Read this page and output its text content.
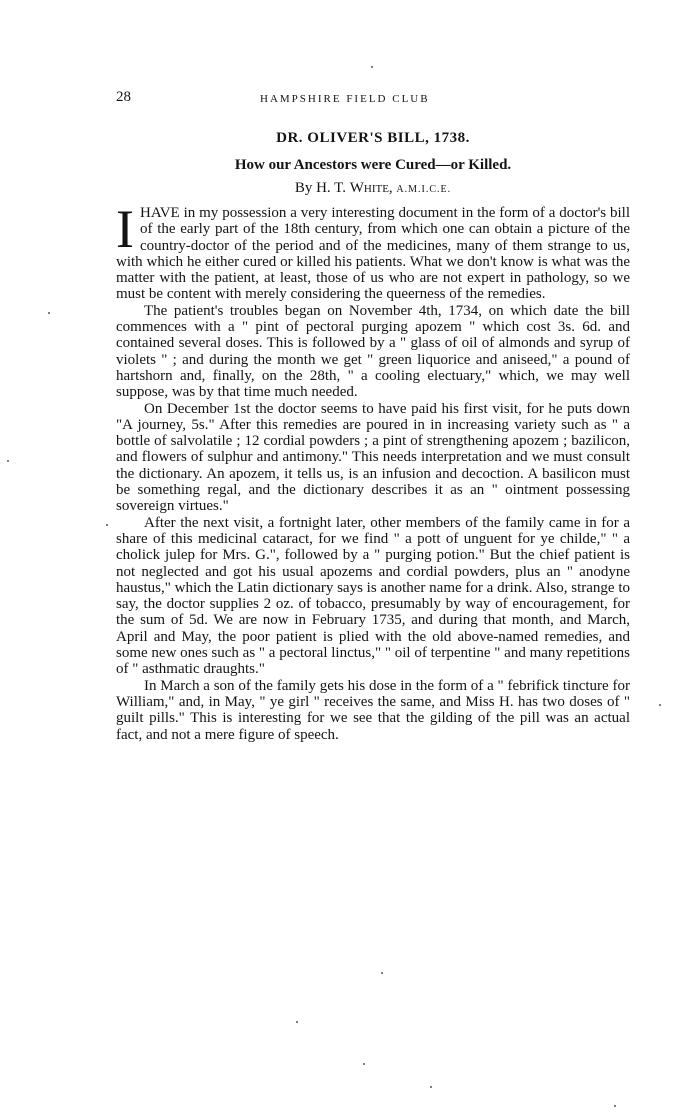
28	HAMPSHIRE FIELD CLUB
DR. OLIVER'S BILL, 1738.
How our Ancestors were Cured—or Killed.
By H. T. White, A.M.I.C.E.

IHAVE in my possession a very interesting document in the form of a doctor's bill of the early part of the 18th century, from which one can obtain a picture of the country-doctor of the period and of the medicines, many of them strange to us, with which he either cured or killed his patients. What we don't know is what was the matter with the patient, at least, those of us who are not expert in pathology, so we must be content with merely considering the queerness of the remedies.

The patient's troubles began on November 4th, 1734, on which date the bill commences with a " pint of pectoral purging apozem " which cost 3s. 6d. and contained several doses. This is followed by a " glass of oil of almonds and syrup of violets " ; and during the month we get " green liquorice and aniseed," a pound of hartshorn and, finally, on the 28th, " a cooling electuary," which, we may well suppose, was by that time much needed.

On December 1st the doctor seems to have paid his first visit, for he puts down "A journey, 5s." After this remedies are poured in in increasing variety such as " a bottle of salvolatile ; 12 cordial powders ; a pint of strengthening apozem ; bazilicon, and flowers of sulphur and antimony." This needs interpretation and we must consult the dictionary. An apozem, it tells us, is an infusion and decoction. A basilicon must be something regal, and the dictionary describes it as an " ointment possessing sovereign virtues."

After the next visit, a fortnight later, other members of the family came in for a share of this medicinal cataract, for we find " a pott of unguent for ye childe," " a cholick julep for Mrs. G.", followed by a " purging potion." But the chief patient is not neglected and got his usual apozems and cordial powders, plus an " anodyne haustus," which the Latin dictionary says is another name for a drink. Also, strange to say, the doctor supplies 2 oz. of tobacco, presumably by way of encouragement, for the sum of 5d. We are now in February 1735, and during that month, and March, April and May, the poor patient is plied with the old above-named remedies, and some new ones such as " a pectoral linctus," " oil of terpentine " and many repetitions of " asthmatic draughts."

In March a son of the family gets his dose in the form of a " febrifick tincture for William," and, in May, " ye girl " receives the same, and Miss H. has two doses of " guilt pills." This is interesting for we see that the gilding of the pill was an actual fact, and not a mere figure of speech.
